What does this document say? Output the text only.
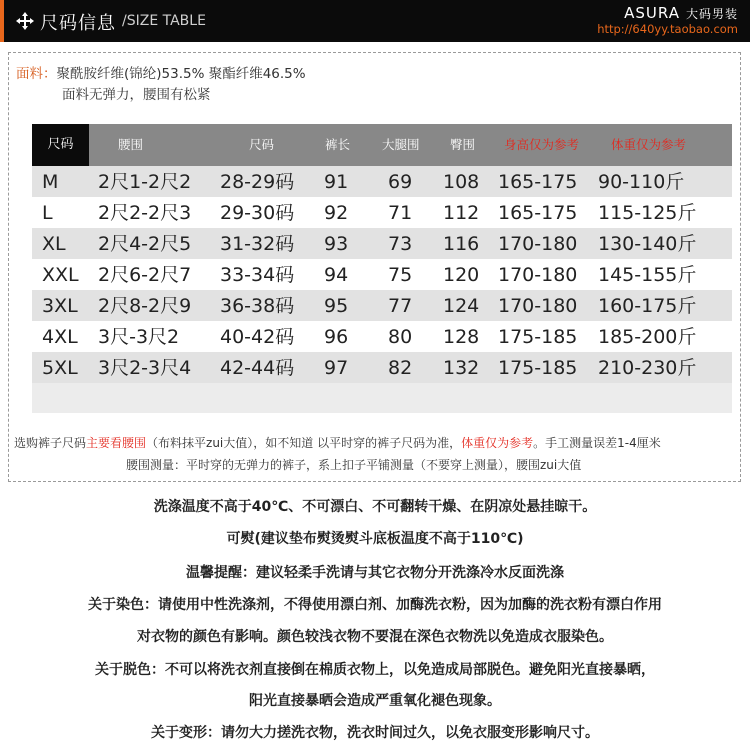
尺码信息 /SIZE TABLE	ASURA 大码男装
http://640yy.taobao.com
面料：聚酰胺纤维(锦纶)53.5% 聚酯纤维46.5%
面料无弹力，腰围有松紧
尺码	腰围	尺码	裤长	大腿围 臀围 身高仅为参考	体重仅为参考
M 2尺1-2尺2 28-29码 91 69 108 165-175 90-110斤
L 2尺2-2尺3 29-30码 92 71 112 165-175 115-125斤
XL 2尺4-2尺5 31-32码 93 73 116 170-180 130-140斤
XXL 2尺6-2尺7 33-34码 94 75 120 170-180 145-155斤
3XL 2尺8-2尺9 36-38码 95 77 124 170-180 160-175斤
4XL 3尺-3尺2 40-42码 96 80 128 175-185 185-200斤
5XL 3尺2-3尺4 42-44码 97 82 132 175-185 210-230斤
选购裤子尺码主要看腰围（布料抹平zui大值），如不知道 以平时穿的裤子尺码为准，体重仅为参考。手工测量误差1-4厘米
腰围测量：平时穿的无弹力的裤子，系上扣子平铺测量（不要穿上测量），腰围zui大值
洗涤温度不高于40℃、不可漂白、不可翻转干燥、在阴凉处悬挂晾干。
可熨(建议垫布熨烫熨斗底板温度不高于110℃)
温馨提醒：建议轻柔手洗请与其它衣物分开洗涤冷水反面洗涤
关于染色：请使用中性洗涤剂，不得使用漂白剂、加酶洗衣粉，因为加酶的洗衣粉有漂白作用
对衣物的颜色有影响。颜色较浅衣物不要混在深色衣物洗以免造成衣服染色。
关于脱色：不可以将洗衣剂直接倒在棉质衣物上，以免造成局部脱色。避免阳光直接暴晒，
阳光直接暴晒会造成严重氧化褪色现象。
关于变形：请勿大力搓洗衣物，洗衣时间过久，以免衣服变形影响尺寸。
